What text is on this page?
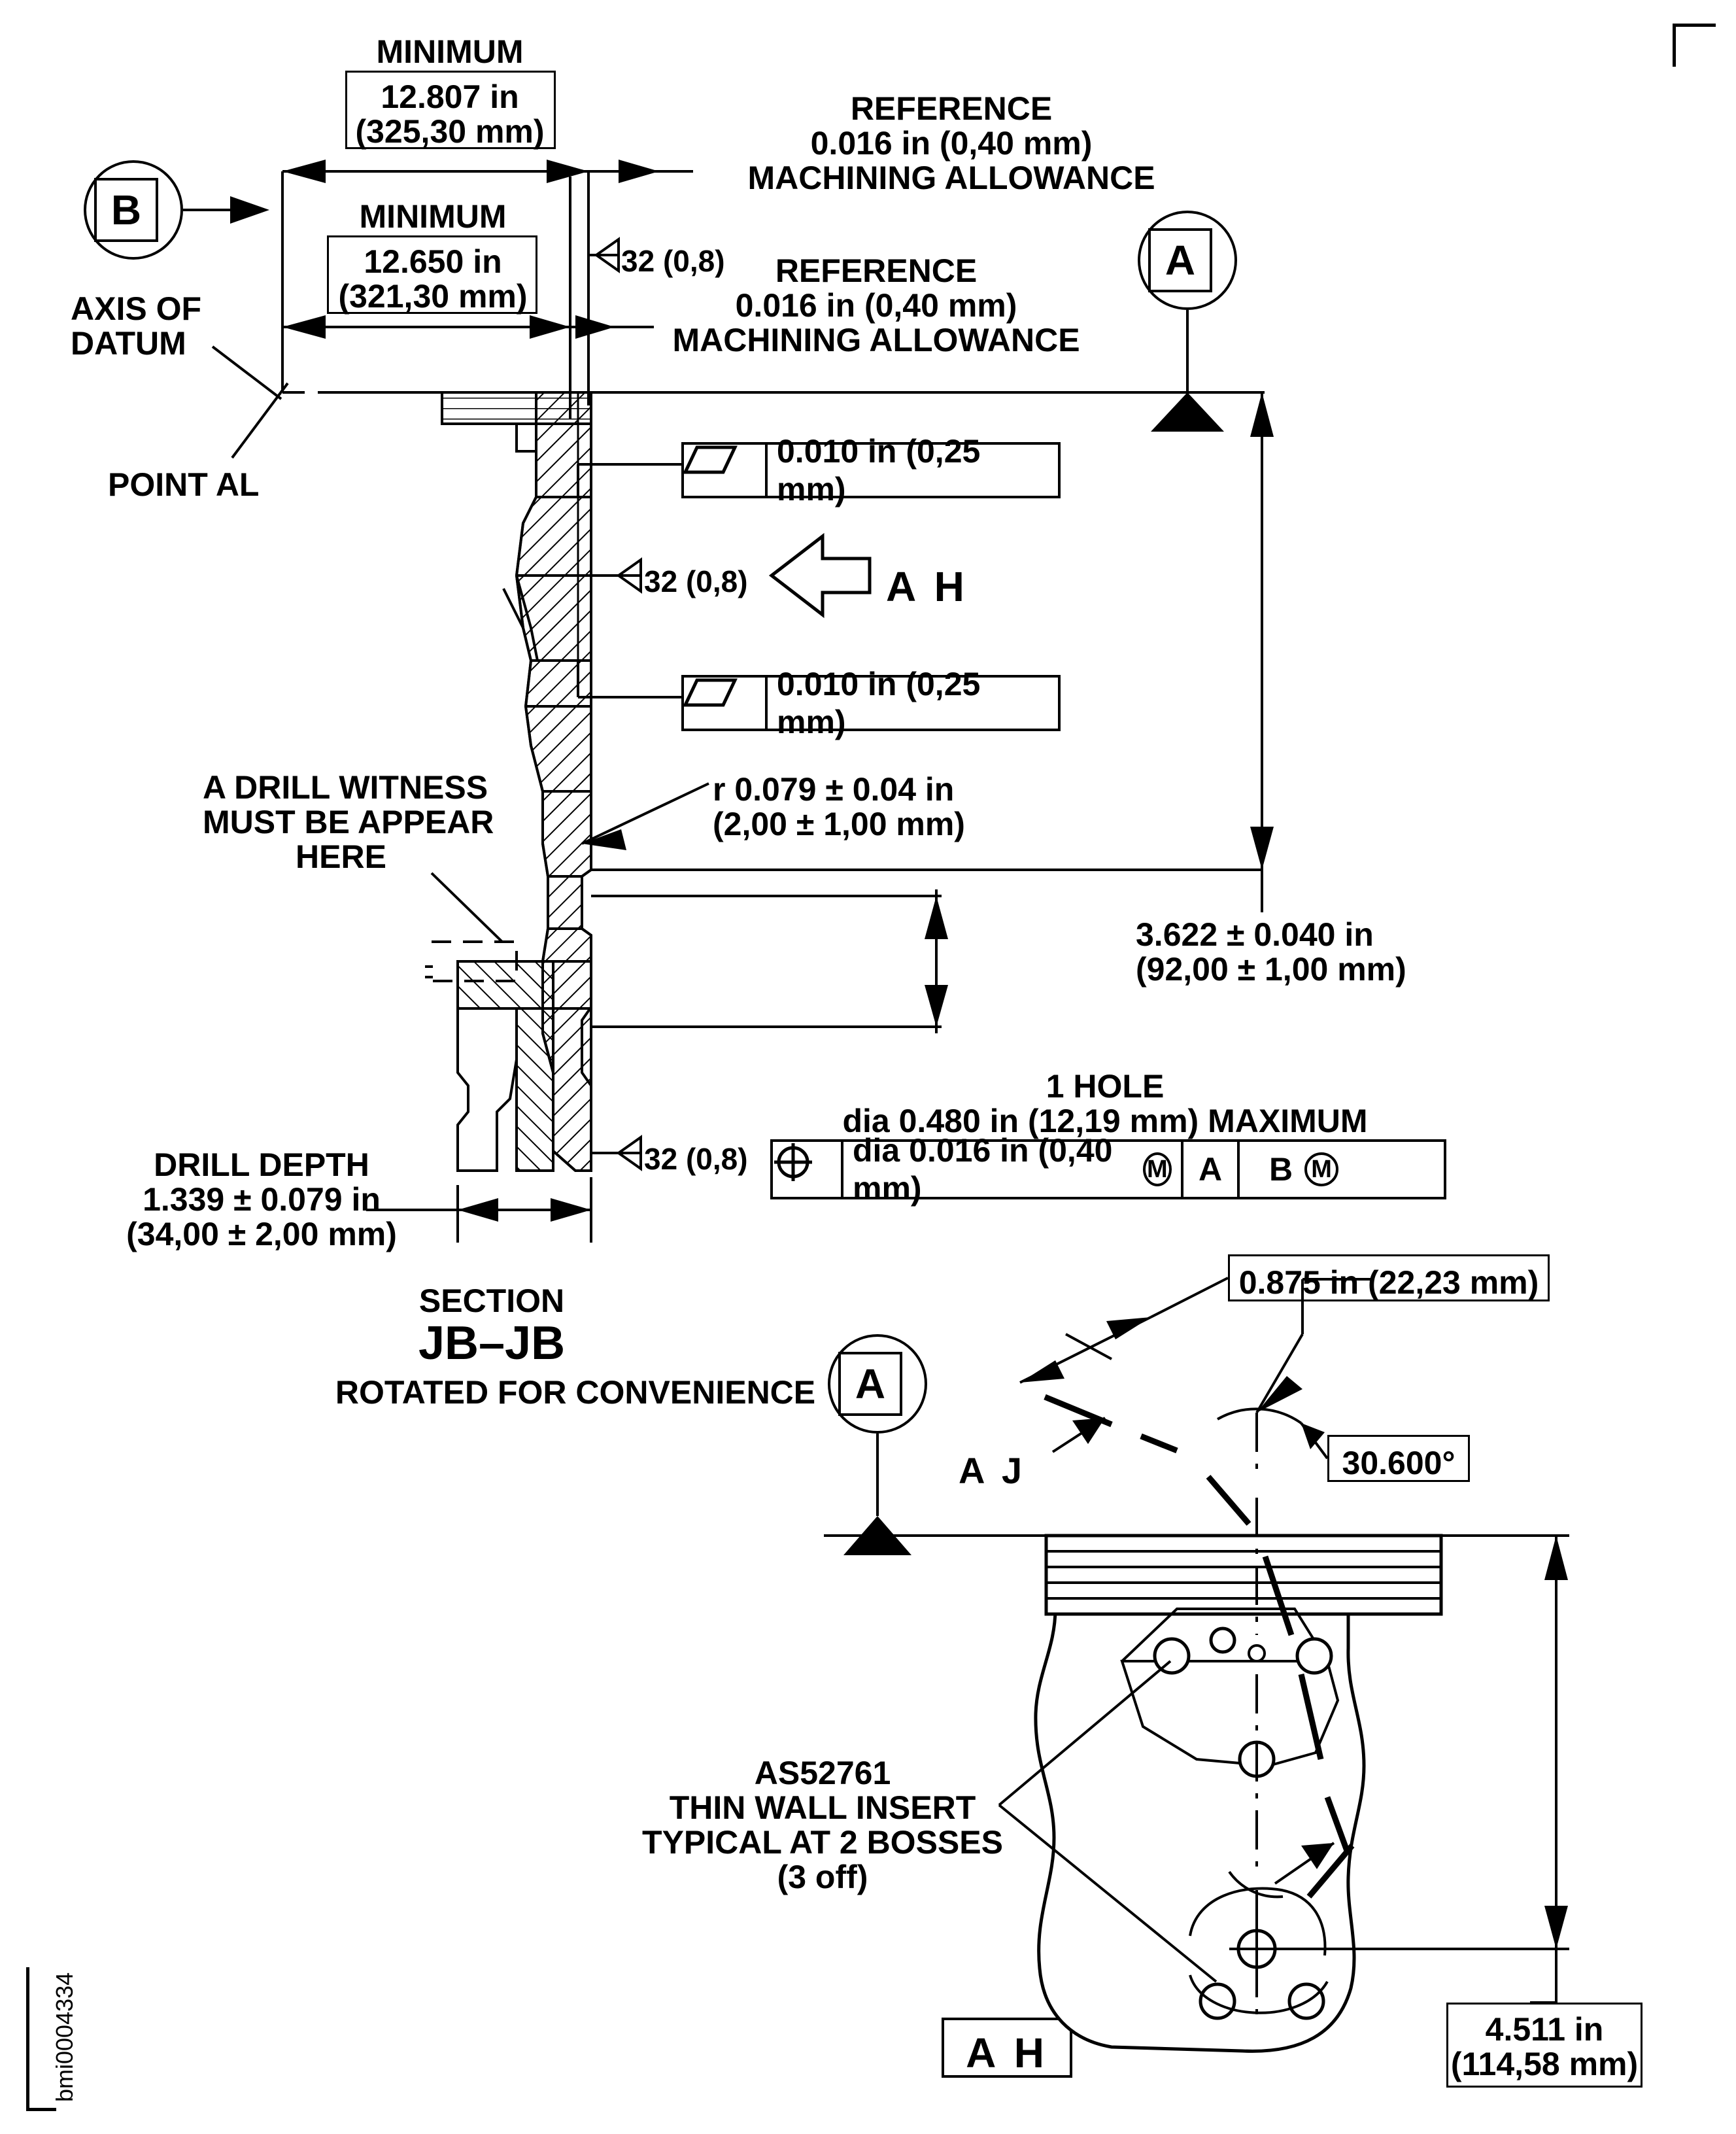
bmi0004334
MINIMUM
12.807 in
(325,30 mm)
MINIMUM
12.650 in
(321,30 mm)
REFERENCE
0.016 in (0,40 mm)
MACHINING ALLOWANCE
REFERENCE
0.016 in (0,40 mm)
MACHINING ALLOWANCE
AXIS OF
DATUM
POINT AL
A DRILL WITNESS
MUST BE APPEAR
HERE
r 0.079 ± 0.04 in
(2,00 ± 1,00 mm)
3.622 ± 0.040 in
(92,00 ± 1,00 mm)
DRILL DEPTH
1.339 ± 0.079 in
(34,00 ± 2,00 mm)
1 HOLE
dia 0.480 in (12,19 mm) MAXIMUM
SECTION
JB–JB
ROTATED FOR CONVENIENCE
AS52761
THIN WALL INSERT
TYPICAL AT 2 BOSSES
(3 off)
32 (0,8)
32 (0,8)
32 (0,8)
A H
A J
A H
0.875 in (22,23 mm)
30.600°
4.511 in
(114,58 mm)
B
A
A
0.010 in (0,25 mm)
0.010 in (0,25 mm)
dia 0.016 in (0,40 mm)
M A	B M
